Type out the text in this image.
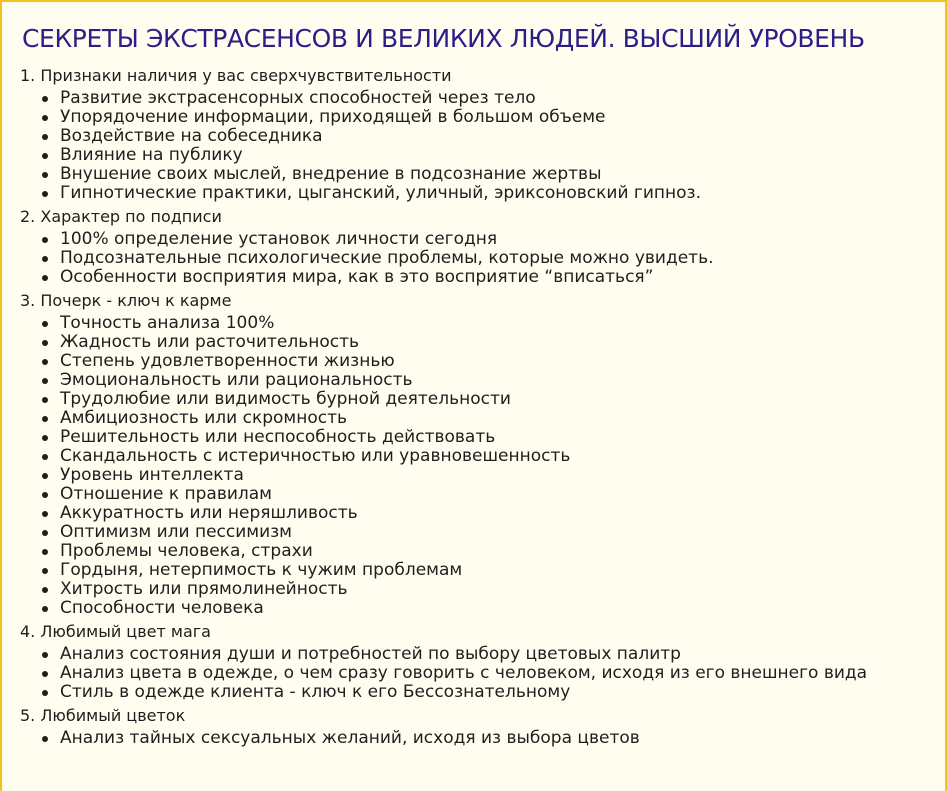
СЕКРЕТЫ ЭКСТРАСЕНСОВ И ВЕЛИКИХ ЛЮДЕЙ. ВЫСШИЙ УРОВЕНЬ
1. Признаки наличия у вас сверхчувствительности
Развитие экстрасенсорных способностей через тело
Упорядочение информации, приходящей в большом объеме
Воздействие на собеседника
Влияние на публику
Внушение своих мыслей, внедрение в подсознание жертвы
Гипнотические практики, цыганский, уличный, эриксоновский гипноз.
2. Характер по подписи
100% определение установок личности сегодня
Подсознательные психологические проблемы, которые можно увидеть.
Особенности восприятия мира, как в это восприятие “вписаться”
3. Почерк - ключ к карме
Точность анализа 100%
Жадность или расточительность
Степень удовлетворенности жизнью
Эмоциональность или рациональность
Трудолюбие или видимость бурной деятельности
Амбициозность или скромность
Решительность или неспособность действовать
Скандальность с истеричностью или уравновешенность
Уровень интеллекта
Отношение к правилам
Аккуратность или неряшливость
Оптимизм или пессимизм
Проблемы человека, страхи
Гордыня, нетерпимость к чужим проблемам
Хитрость или прямолинейность
Способности человека
4. Любимый цвет мага
Анализ состояния души и потребностей по выбору цветовых палитр
Анализ цвета в одежде, о чем сразу говорить с человеком, исходя из его внешнего вида
Стиль в одежде клиента - ключ к его Бессознательному
5. Любимый цветок
Анализ тайных сексуальных желаний, исходя из выбора цветов
